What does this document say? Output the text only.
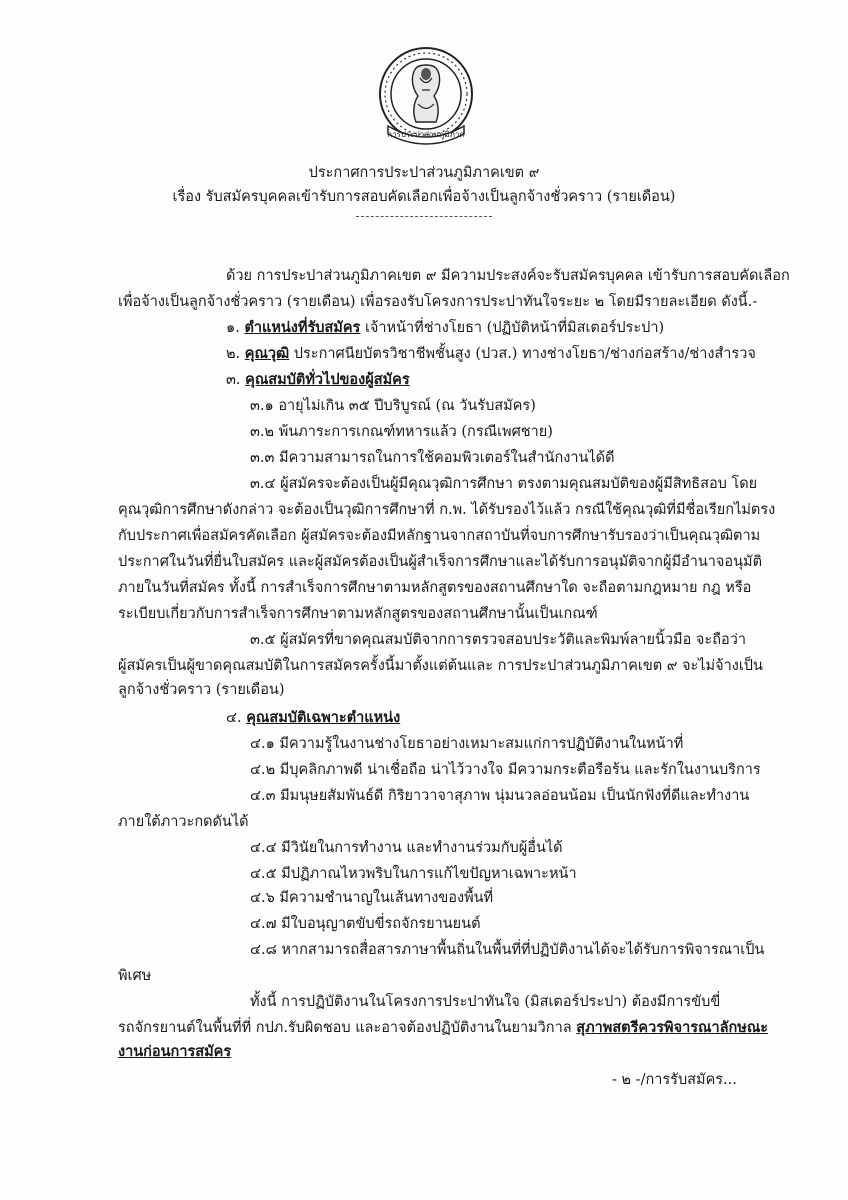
การประปาส่วนภูมิภาค
ประกาศการประปาส่วนภูมิภาคเขต ๙
เรื่อง รับสมัครบุคคลเข้ารับการสอบคัดเลือกเพื่อจ้างเป็นลูกจ้างชั่วคราว (รายเดือน)
ด้วย การประปาส่วนภูมิภาคเขต ๙ มีความประสงค์จะรับสมัครบุคคล เข้ารับการสอบคัดเลือก
เพื่อจ้างเป็นลูกจ้างชั่วคราว (รายเดือน) เพื่อรองรับโครงการประปาทันใจระยะ ๒ โดยมีรายละเอียด ดังนี้.-
๑. ตำแหน่งที่รับสมัคร เจ้าหน้าที่ช่างโยธา (ปฏิบัติหน้าที่มิสเตอร์ประปา)
๒. คุณวุฒิ ประกาศนียบัตรวิชาชีพชั้นสูง (ปวส.) ทางช่างโยธา/ช่างก่อสร้าง/ช่างสำรวจ
๓. คุณสมบัติทั่วไปของผู้สมัคร
๓.๑ อายุไม่เกิน ๓๕ ปีบริบูรณ์ (ณ วันรับสมัคร)
๓.๒ พ้นภาระการเกณฑ์ทหารแล้ว (กรณีเพศชาย)
๓.๓ มีความสามารถในการใช้คอมพิวเตอร์ในสำนักงานได้ดี
๓.๔ ผู้สมัครจะต้องเป็นผู้มีคุณวุฒิการศึกษา ตรงตามคุณสมบัติของผู้มีสิทธิสอบ โดย
คุณวุฒิการศึกษาดังกล่าว จะต้องเป็นวุฒิการศึกษาที่ ก.พ. ได้รับรองไว้แล้ว กรณีใช้คุณวุฒิที่มีชื่อเรียกไม่ตรง
กับประกาศเพื่อสมัครคัดเลือก ผู้สมัครจะต้องมีหลักฐานจากสถาบันที่จบการศึกษารับรองว่าเป็นคุณวุฒิตาม
ประกาศในวันที่ยื่นใบสมัคร และผู้สมัครต้องเป็นผู้สำเร็จการศึกษาและได้รับการอนุมัติจากผู้มีอำนาจอนุมัติ
ภายในวันที่สมัคร ทั้งนี้ การสำเร็จการศึกษาตามหลักสูตรของสถานศึกษาใด จะถือตามกฎหมาย กฎ หรือ
ระเบียบเกี่ยวกับการสำเร็จการศึกษาตามหลักสูตรของสถานศึกษานั้นเป็นเกณฑ์
๓.๕ ผู้สมัครที่ขาดคุณสมบัติจากการตรวจสอบประวัติและพิมพ์ลายนิ้วมือ จะถือว่า
ผู้สมัครเป็นผู้ขาดคุณสมบัติในการสมัครครั้งนี้มาตั้งแต่ต้นและ การประปาส่วนภูมิภาคเขต ๙ จะไม่จ้างเป็น
ลูกจ้างชั่วคราว (รายเดือน)
๔. คุณสมบัติเฉพาะตำแหน่ง
๔.๑ มีความรู้ในงานช่างโยธาอย่างเหมาะสมแก่การปฏิบัติงานในหน้าที่
๔.๒ มีบุคลิกภาพดี น่าเชื่อถือ น่าไว้วางใจ มีความกระตือรือร้น และรักในงานบริการ
๔.๓ มีมนุษยสัมพันธ์ดี กิริยาวาจาสุภาพ นุ่มนวลอ่อนน้อม เป็นนักฟังที่ดีและทำงาน
ภายใต้ภาวะกดดันได้
๔.๔ มีวินัยในการทำงาน และทำงานร่วมกับผู้อื่นได้
๔.๕ มีปฏิภาณไหวพริบในการแก้ไขปัญหาเฉพาะหน้า
๔.๖ มีความชำนาญในเส้นทางของพื้นที่
๔.๗ มีใบอนุญาตขับขี่รถจักรยานยนต์
๔.๘ หากสามารถสื่อสารภาษาพื้นถิ่นในพื้นที่ที่ปฏิบัติงานได้จะได้รับการพิจารณาเป็น
พิเศษ
ทั้งนี้ การปฏิบัติงานในโครงการประปาทันใจ (มิสเตอร์ประปา) ต้องมีการขับขี่
รถจักรยานต์ในพื้นที่ที่ กปภ.รับผิดชอบ และอาจต้องปฏิบัติงานในยามวิกาล สุภาพสตรีควรพิจารณาลักษณะ
งานก่อนการสมัคร
- ๒ -/การรับสมัคร...
